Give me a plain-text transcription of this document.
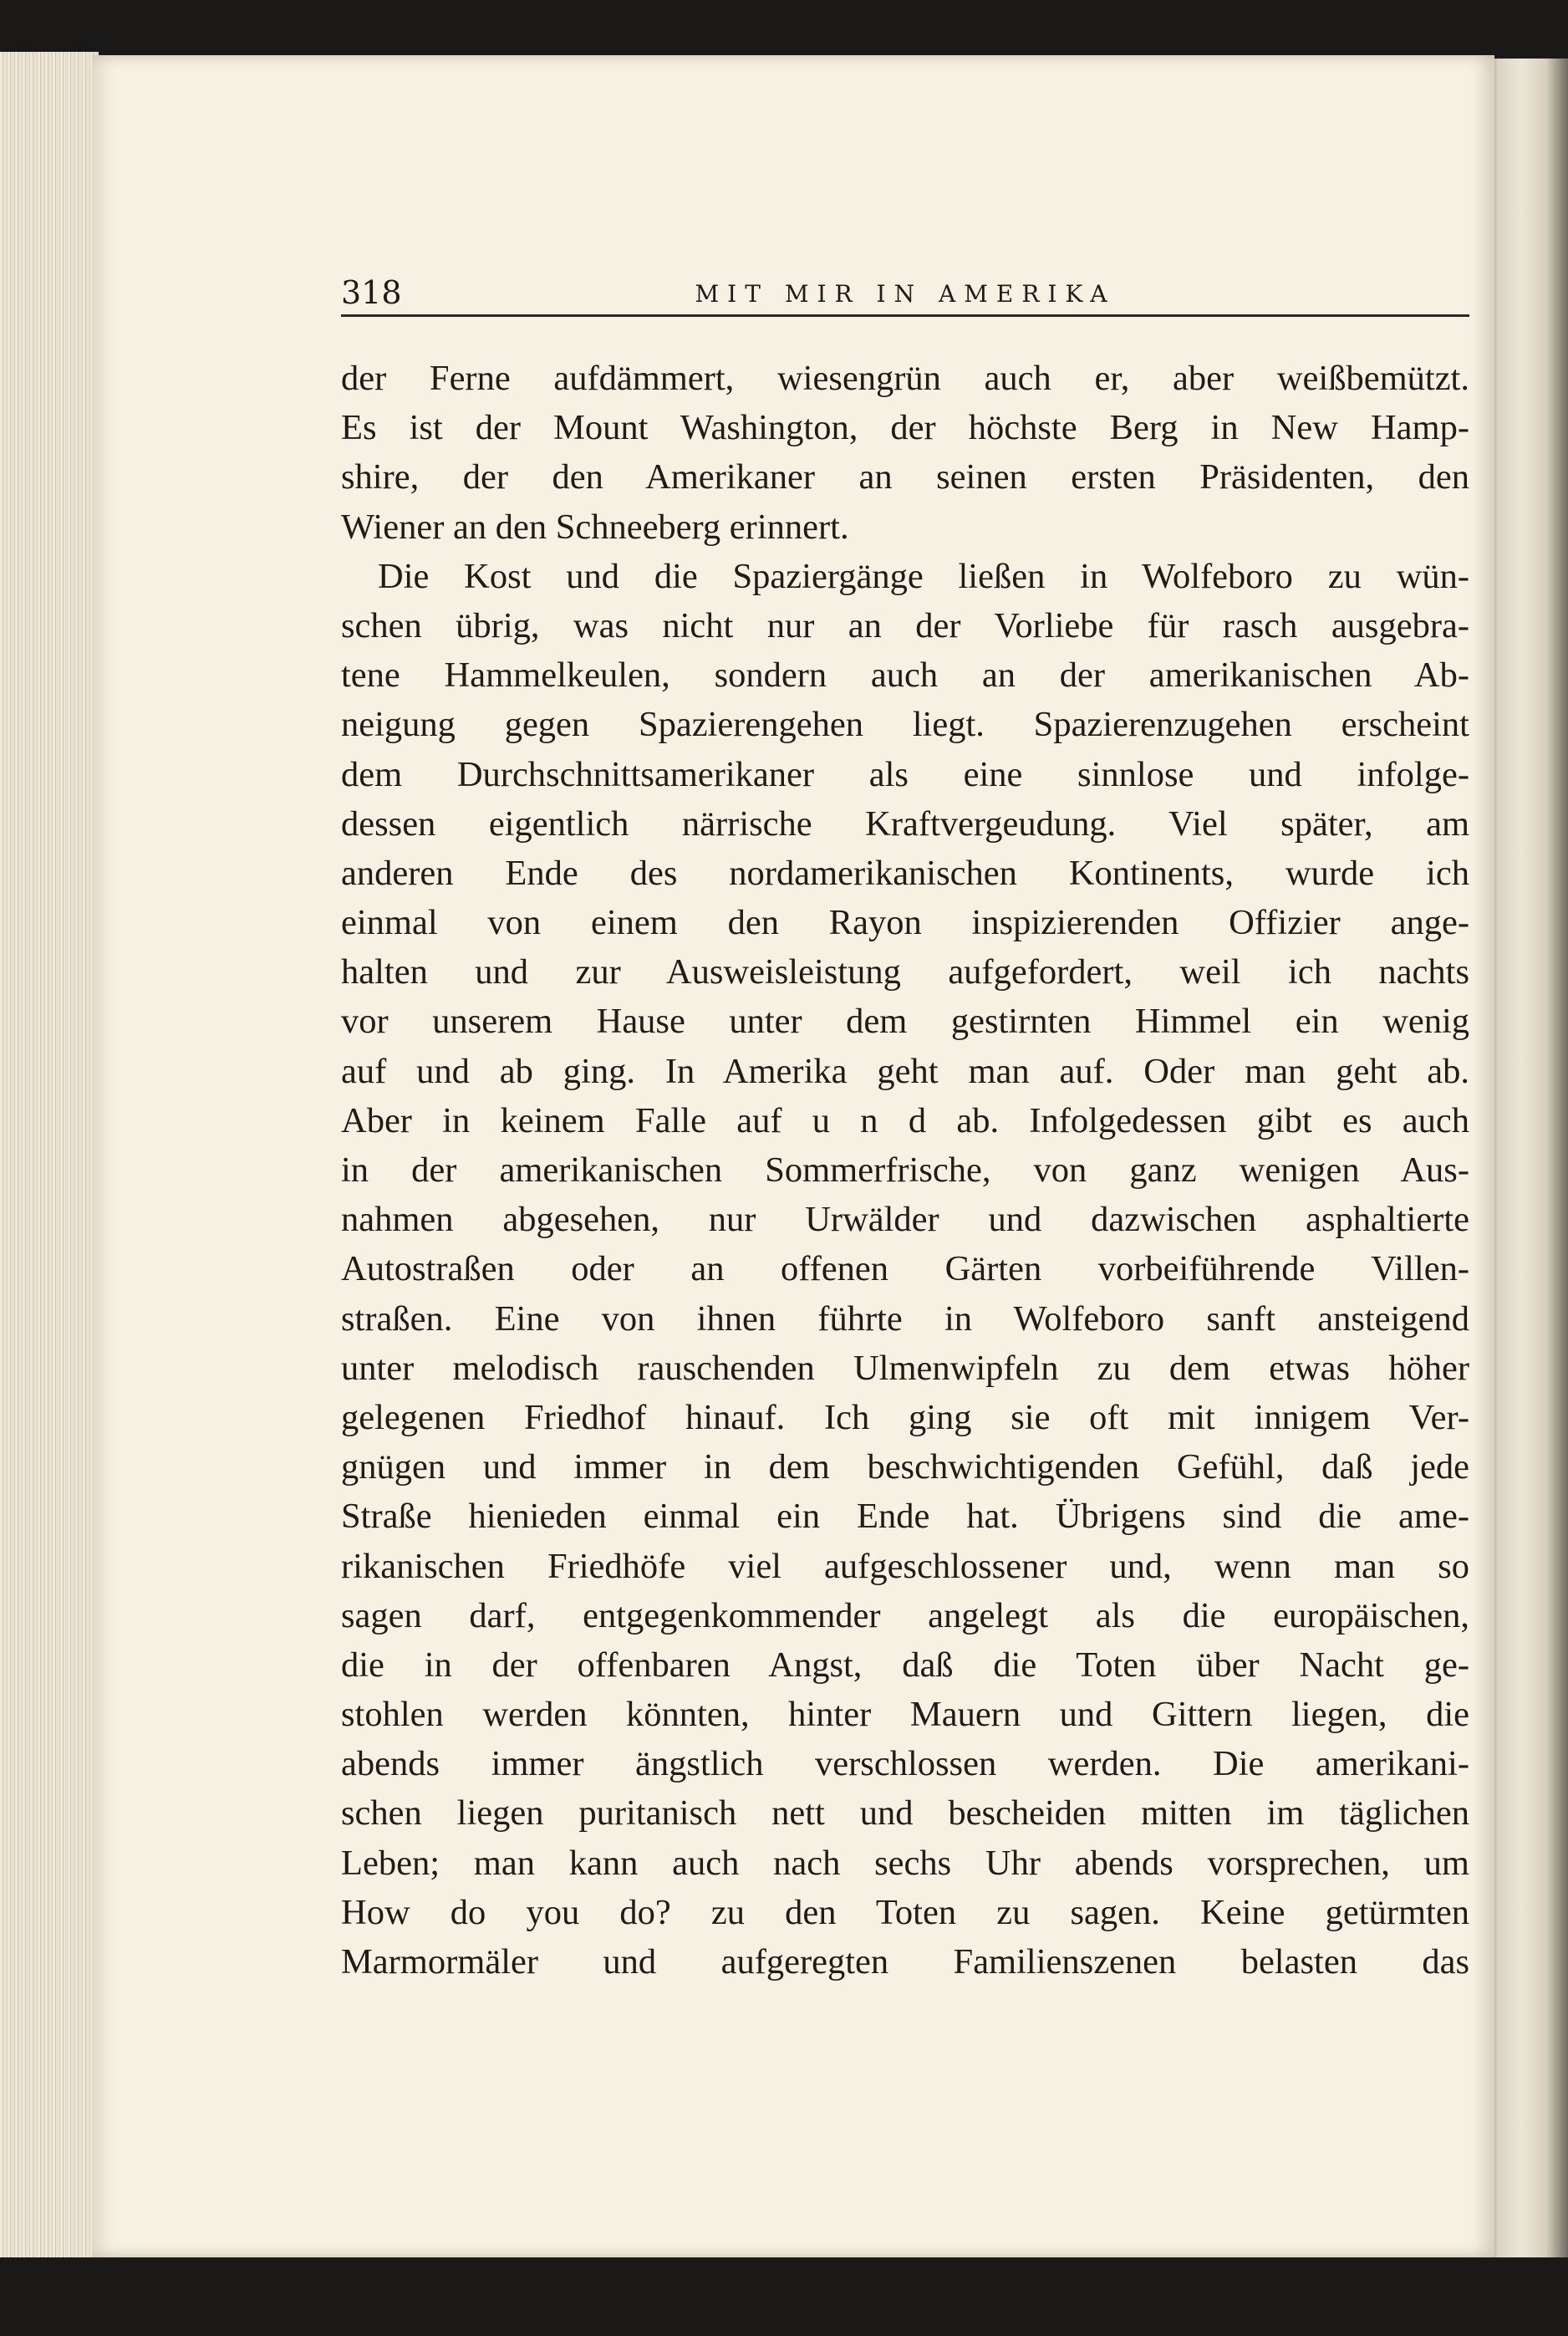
318	MIT MIR IN AMERIKA
der Ferne aufdämmert, wiesengrün auch er, aber weißbemützt.
Es ist der Mount Washington, der höchste Berg in New Hamp-
shire, der den Amerikaner an seinen ersten Präsidenten, den
Wiener an den Schneeberg erinnert.
Die Kost und die Spaziergänge ließen in Wolfeboro zu wün-
schen übrig, was nicht nur an der Vorliebe für rasch ausgebra-
tene Hammelkeulen, sondern auch an der amerikanischen Ab-
neigung gegen Spazierengehen liegt. Spazierenzugehen erscheint
dem Durchschnittsamerikaner als eine sinnlose und infolge-
dessen eigentlich närrische Kraftvergeudung. Viel später, am
anderen Ende des nordamerikanischen Kontinents, wurde ich
einmal von einem den Rayon inspizierenden Offizier ange-
halten und zur Ausweisleistung aufgefordert, weil ich nachts
vor unserem Hause unter dem gestirnten Himmel ein wenig
auf und ab ging. In Amerika geht man auf. Oder man geht ab.
Aber in keinem Falle auf u n d ab. Infolgedessen gibt es auch
in der amerikanischen Sommerfrische, von ganz wenigen Aus-
nahmen abgesehen, nur Urwälder und dazwischen asphaltierte
Autostraßen oder an offenen Gärten vorbeiführende Villen-
straßen. Eine von ihnen führte in Wolfeboro sanft ansteigend
unter melodisch rauschenden Ulmenwipfeln zu dem etwas höher
gelegenen Friedhof hinauf. Ich ging sie oft mit innigem Ver-
gnügen und immer in dem beschwichtigenden Gefühl, daß jede
Straße hienieden einmal ein Ende hat. Übrigens sind die ame-
rikanischen Friedhöfe viel aufgeschlossener und, wenn man so
sagen darf, entgegenkommender angelegt als die europäischen,
die in der offenbaren Angst, daß die Toten über Nacht ge-
stohlen werden könnten, hinter Mauern und Gittern liegen, die
abends immer ängstlich verschlossen werden. Die amerikani-
schen liegen puritanisch nett und bescheiden mitten im täglichen
Leben; man kann auch nach sechs Uhr abends vorsprechen, um
How do you do? zu den Toten zu sagen. Keine getürmten
Marmormäler und aufgeregten Familienszenen belasten das
